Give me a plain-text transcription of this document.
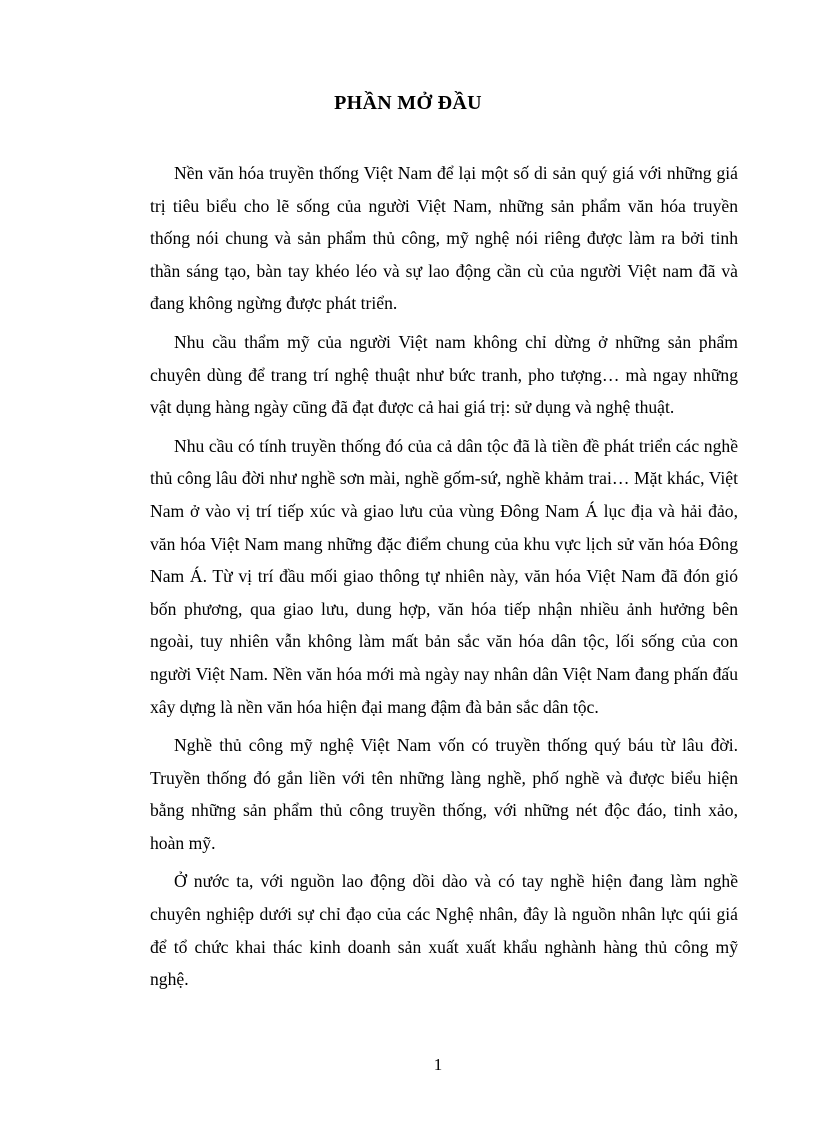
PHẦN MỞ ĐẦU

Nền văn hóa truyền thống Việt Nam để lại một số di sản quý giá với những giá trị tiêu biểu cho lẽ sống của người Việt Nam, những sản phẩm văn hóa truyền thống nói chung và sản phẩm thủ công, mỹ nghệ nói riêng được làm ra bởi tinh thần sáng tạo, bàn tay khéo léo và sự lao động cần cù của người Việt nam đã và đang không ngừng được phát triển.

Nhu cầu thẩm mỹ của người Việt nam không chỉ dừng ở những sản phẩm chuyên dùng để trang trí nghệ thuật như bức tranh, pho tượng… mà ngay những vật dụng hàng ngày cũng đã đạt được cả hai giá trị: sử dụng và nghệ thuật.

Nhu cầu có tính truyền thống đó của cả dân tộc đã là tiền đề phát triển các nghề thủ công lâu đời như nghề sơn mài, nghề gốm-sứ, nghề khảm trai… Mặt khác, Việt Nam ở vào vị trí tiếp xúc và giao lưu của vùng Đông Nam Á lục địa và hải đảo, văn hóa Việt Nam mang những đặc điểm chung của khu vực lịch sử văn hóa Đông Nam Á. Từ vị trí đầu mối giao thông tự nhiên này, văn hóa Việt Nam đã đón gió bốn phương, qua giao lưu, dung hợp, văn hóa tiếp nhận nhiều ảnh hưởng bên ngoài, tuy nhiên vẫn không làm mất bản sắc văn hóa dân tộc, lối sống của con người Việt Nam. Nền văn hóa mới mà ngày nay nhân dân Việt Nam đang phấn đấu xây dựng là nền văn hóa hiện đại mang đậm đà bản sắc dân tộc.

Nghề thủ công mỹ nghệ Việt Nam vốn có truyền thống quý báu từ lâu đời. Truyền thống đó gắn liền với tên những làng nghề, phố nghề và được biểu hiện bằng những sản phẩm thủ công truyền thống, với những nét độc đáo, tinh xảo, hoàn mỹ.

Ở nước ta, với nguồn lao động dồi dào và có tay nghề hiện đang làm nghề chuyên nghiệp dưới sự chỉ đạo của các Nghệ nhân, đây là nguồn nhân lực qúi giá để tổ chức khai thác kinh doanh sản xuất xuất khẩu nghành hàng thủ công mỹ nghệ.

1
